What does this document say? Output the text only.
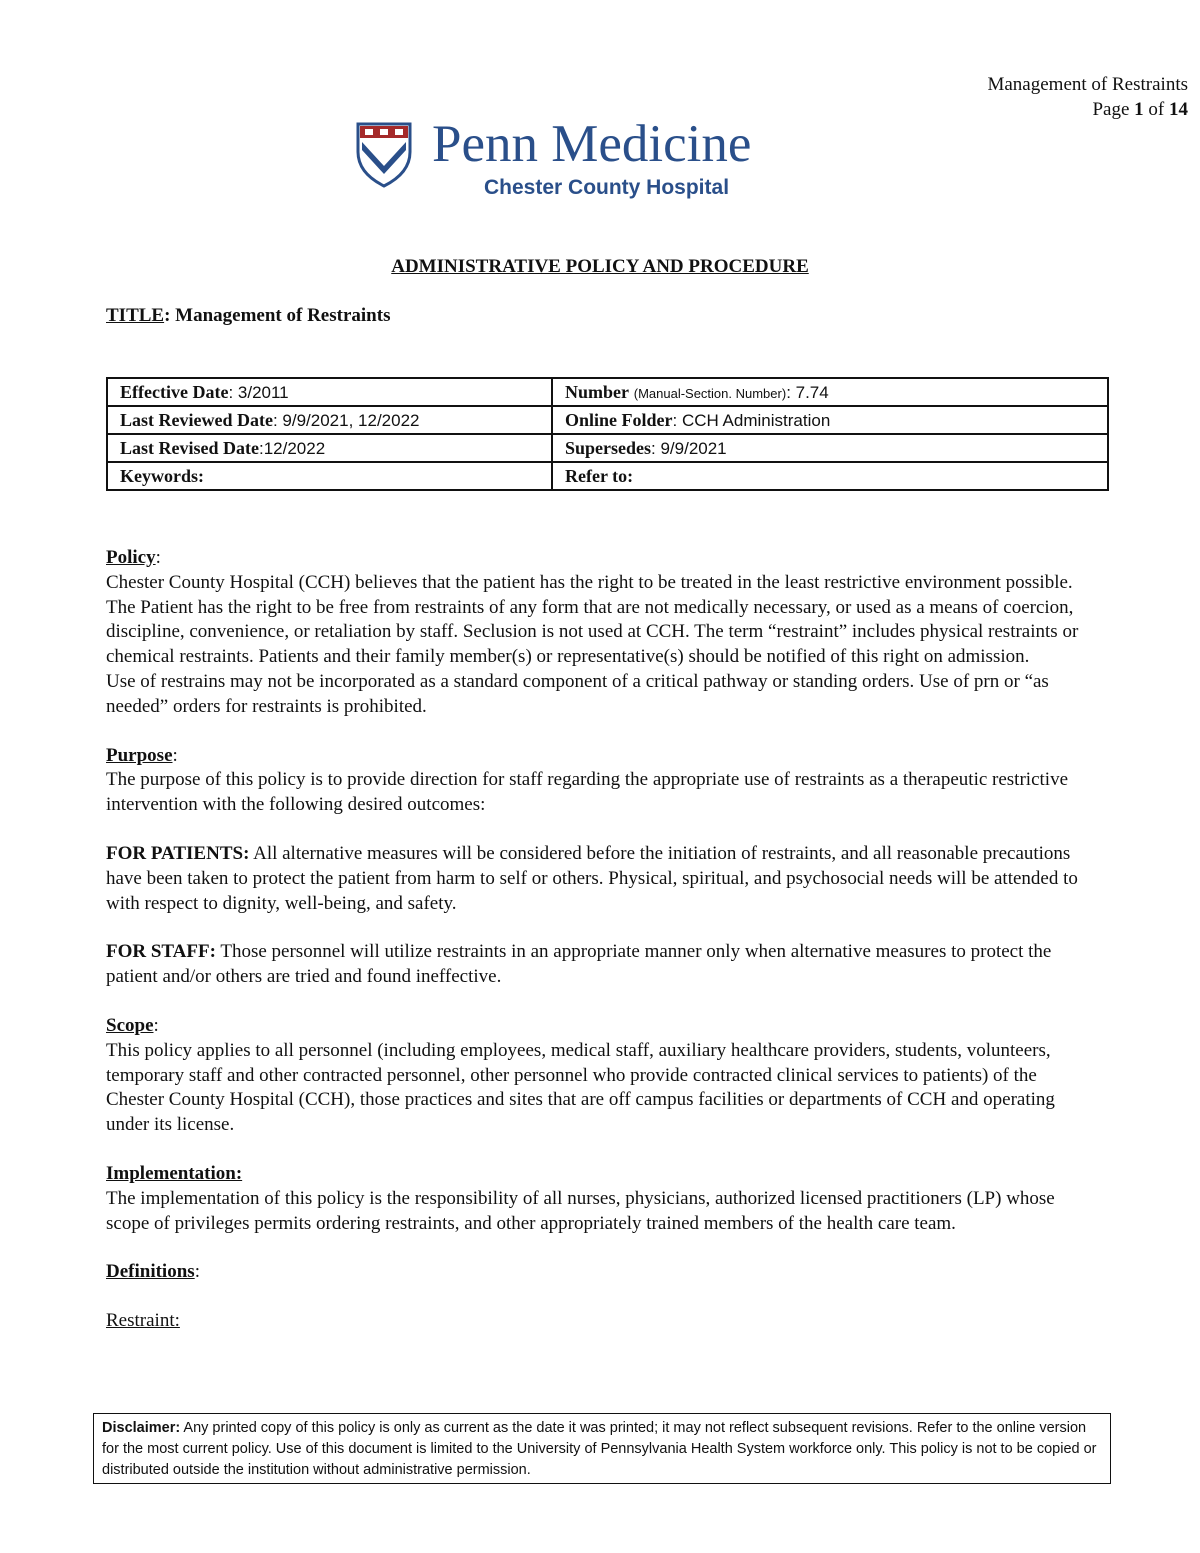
Management of Restraints
Page 1 of 14
Penn Medicine
Chester County Hospital
ADMINISTRATIVE POLICY AND PROCEDURE
TITLE: Management of Restraints
Effective Date: 3/2011	Number (Manual-Section. Number): 7.74
Last Reviewed Date: 9/9/2021, 12/2022	Online Folder: CCH Administration
Last Revised Date:12/2022	Supersedes: 9/9/2021
Keywords:	Refer to:
Policy:

Chester County Hospital (CCH) believes that the patient has the right to be treated in the least restrictive environment possible. The Patient has the right to be free from restraints of any form that are not medically necessary, or used as a means of coercion, discipline, convenience, or retaliation by staff. Seclusion is not used at CCH. The term “restraint” includes physical restraints or chemical restraints. Patients and their family member(s) or representative(s) should be notified of this right on admission.

Use of restrains may not be incorporated as a standard component of a critical pathway or standing orders. Use of prn or “as needed” orders for restraints is prohibited.

Purpose:

The purpose of this policy is to provide direction for staff regarding the appropriate use of restraints as a therapeutic restrictive intervention with the following desired outcomes:

FOR PATIENTS: All alternative measures will be considered before the initiation of restraints, and all reasonable precautions have been taken to protect the patient from harm to self or others. Physical, spiritual, and psychosocial needs will be attended to with respect to dignity, well-being, and safety.

FOR STAFF: Those personnel will utilize restraints in an appropriate manner only when alternative measures to protect the patient and/or others are tried and found ineffective.

Scope:

This policy applies to all personnel (including employees, medical staff, auxiliary healthcare providers, students, volunteers, temporary staff and other contracted personnel, other personnel who provide contracted clinical services to patients) of the Chester County Hospital (CCH), those practices and sites that are off campus facilities or departments of CCH and operating under its license.

Implementation:

The implementation of this policy is the responsibility of all nurses, physicians, authorized licensed practitioners (LP) whose scope of privileges permits ordering restraints, and other appropriately trained members of the health care team.

Definitions:
Restraint:
Disclaimer: Any printed copy of this policy is only as current as the date it was printed; it may not reflect subsequent revisions. Refer to the online version for the most current policy. Use of this document is limited to the University of Pennsylvania Health System workforce only. This policy is not to be copied or distributed outside the institution without administrative permission.
